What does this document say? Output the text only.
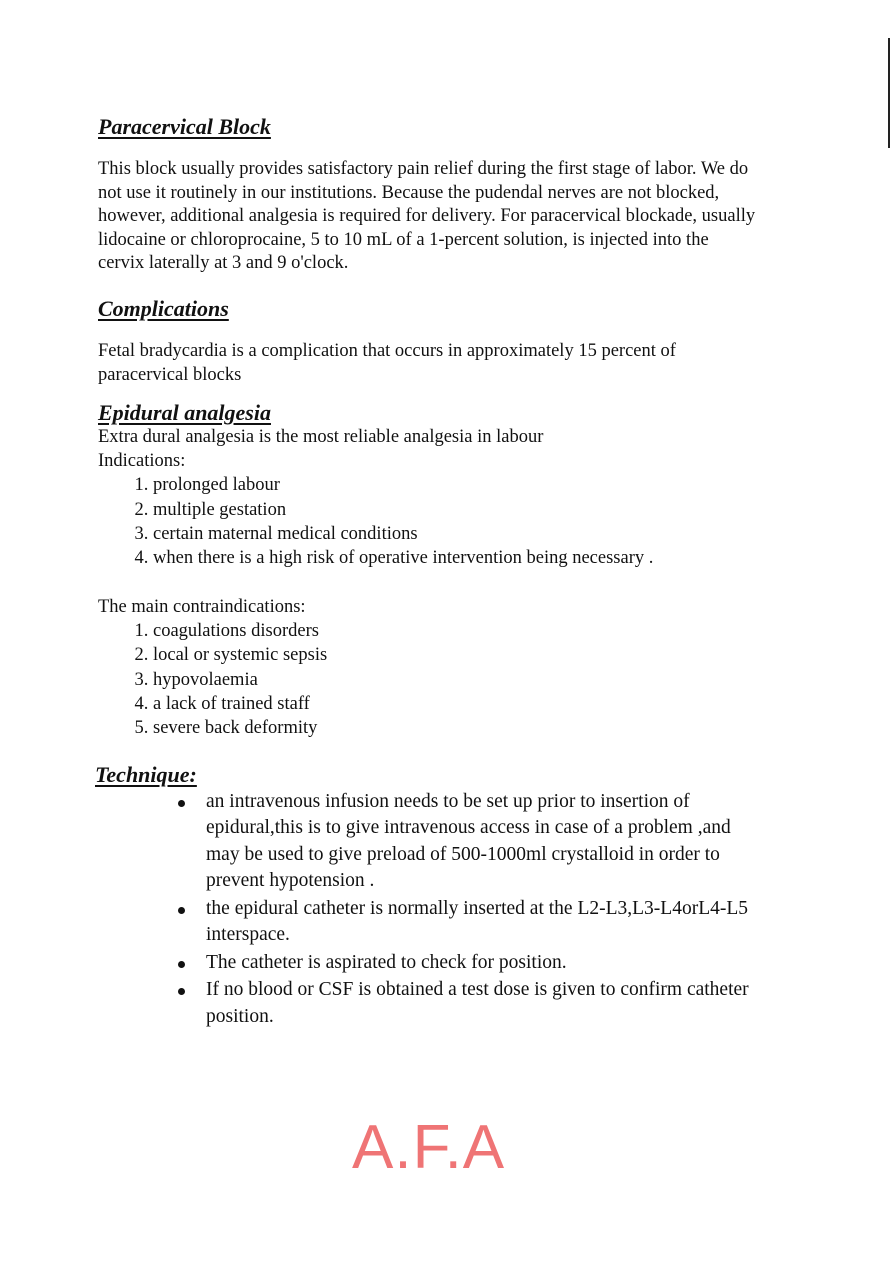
Paracervical Block

This block usually provides satisfactory pain relief during the first stage of labor. We do not use it routinely in our institutions. Because the pudendal nerves are not blocked, however, additional analgesia is required for delivery. For paracervical blockade, usually lidocaine or chloroprocaine, 5 to 10 mL of a 1-percent solution, is injected into the cervix laterally at 3 and 9 o'clock.

Complications

Fetal bradycardia is a complication that occurs in approximately 15 percent of paracervical blocks

Epidural analgesia
Extra dural analgesia is the most reliable analgesia in labour
Indications:
1. prolonged labour
2. multiple gestation
3. certain maternal medical conditions
4. when there is a high risk of operative intervention being necessary .
The main contraindications:
1. coagulations disorders
2. local or systemic sepsis
3. hypovolaemia
4. a lack of trained staff
5. severe back deformity
Technique:
an intravenous infusion needs to be set up prior to insertion of epidural,this is to give intravenous access in case of a problem ,and may be used to give preload of 500-1000ml crystalloid in order to prevent hypotension .
the epidural catheter is normally inserted at the L2-L3,L3-L4orL4-L5 interspace.
The catheter is aspirated to check for position.
If no blood or CSF is obtained a test dose is given to confirm catheter position.
A.F.A
